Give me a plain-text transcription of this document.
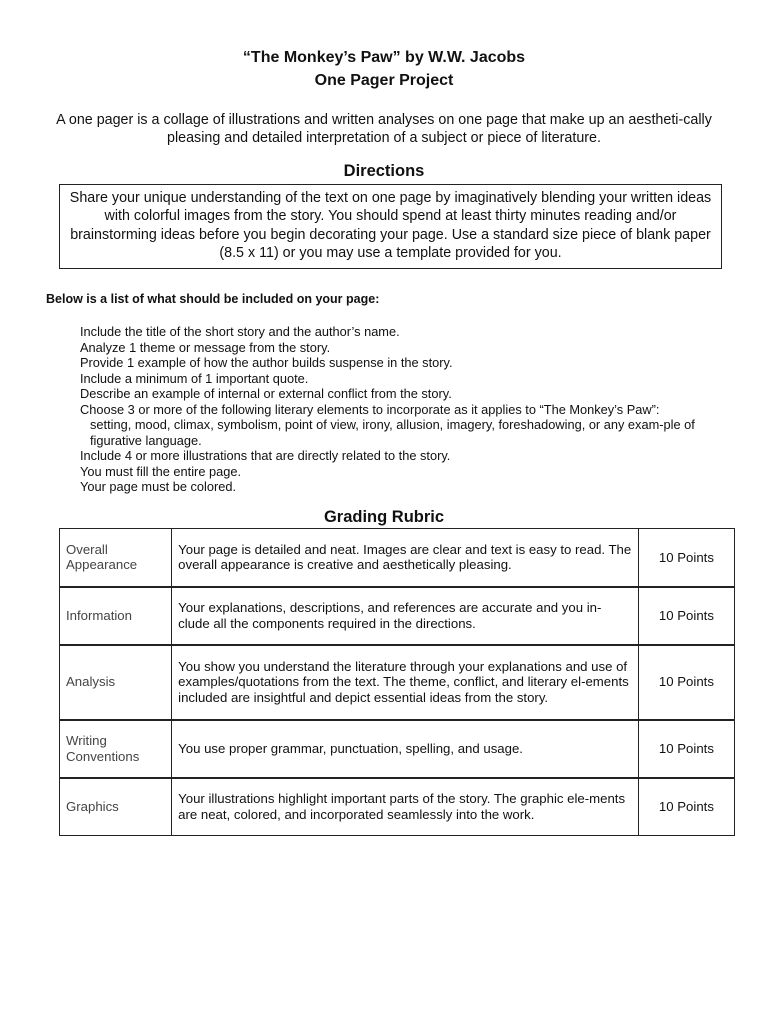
“The Monkey’s Paw” by W.W. Jacobs
One Pager Project
A one pager is a collage of illustrations and written analyses on one page that make up an aestheti-cally pleasing and detailed interpretation of a subject or piece of literature.
Directions
Share your unique understanding of the text on one page by imaginatively blending your written ideas with colorful images from the story. You should spend at least thirty minutes reading and/or brainstorming ideas before you begin decorating your page. Use a standard size piece of blank paper (8.5 x 11) or you may use a template provided for you.
Below is a list of what should be included on your page:
Include the title of the short story and the author’s name.
Analyze 1 theme or message from the story.
Provide 1 example of how the author builds suspense in the story.
Include a minimum of 1 important quote.
Describe an example of internal or external conflict from the story.
Choose 3 or more of the following literary elements to incorporate as it applies to “The Monkey’s Paw”:
setting, mood, climax, symbolism, point of view, irony, allusion, imagery, foreshadowing, or any exam-ple of figurative language.
Include 4 or more illustrations that are directly related to the story.
You must fill the entire page.
Your page must be colored.
Grading Rubric
Overall Appearance	Your page is detailed and neat. Images are clear and text is easy to read. The overall appearance is creative and aesthetically pleasing.	10 Points
Information	Your explanations, descriptions, and references are accurate and you in-clude all the components required in the directions.	10 Points
Analysis	You show you understand the literature through your explanations and use of examples/quotations from the text. The theme, conflict, and literary el-ements included are insightful and depict essential ideas from the story.	10 Points
Writing Conventions	You use proper grammar, punctuation, spelling, and usage.	10 Points
Graphics	Your illustrations highlight important parts of the story. The graphic ele-ments are neat, colored, and incorporated seamlessly into the work.	10 Points
